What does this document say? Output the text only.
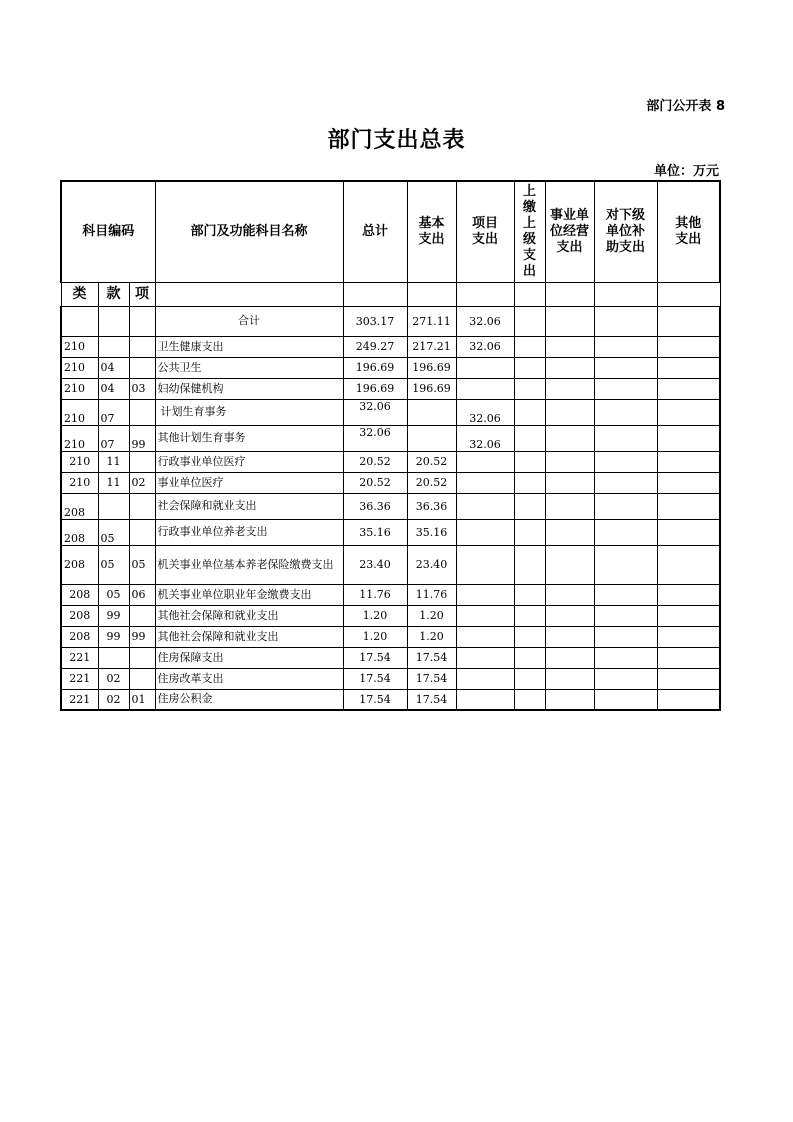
部门公开表 8
部门支出总表
单位：万元
科目编码			部门及功能科目名称	总计	基本支出	项目支出	上缴上级支出	事业单位经营支出	对下级单位补助支出	其他支出

类	款	项								
			合计	303.17	271.11	32.06				
210			卫生健康支出	249.27	217.21	32.06				
210	04		公共卫生	196.69	196.69					
210	04	03	妇幼保健机构	196.69	196.69					
210	07		计划生育事务	32.06		32.06				
210	07	99	其他计划生育事务	32.06		32.06				
210	11		行政事业单位医疗	20.52	20.52					
210	11	02	事业单位医疗	20.52	20.52					
208			社会保障和就业支出	36.36	36.36					
208	05		行政事业单位养老支出	35.16	35.16					
208	05	05	机关事业单位基本养老保险缴费支出	23.40	23.40					
208	05	06	机关事业单位职业年金缴费支出	11.76	11.76					
208	99		其他社会保障和就业支出	1.20	1.20					
208	99	99	其他社会保障和就业支出	1.20	1.20					
221			住房保障支出	17.54	17.54					
221	02		住房改革支出	17.54	17.54					
221	02	01	住房公积金	17.54	17.54					
